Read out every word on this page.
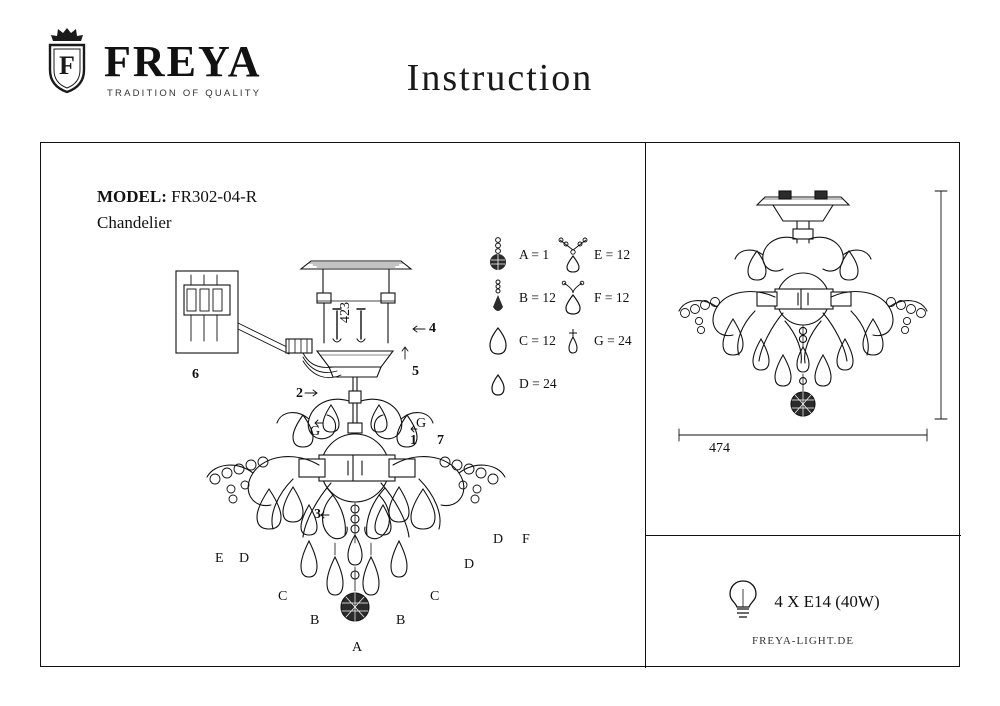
F FREYA
TRADITION OF QUALITY	Instruction
MODEL: FR302-04-R
Chandelier
A = 1
B = 12
C = 12
D = 24
E = 12
F = 12
G = 24
1
2
3
4
5
6
7
G
G
E D
C
B
A
B
C
D
D F
474
423
4 X E14 (40W)
FREYA-LIGHT.DE
